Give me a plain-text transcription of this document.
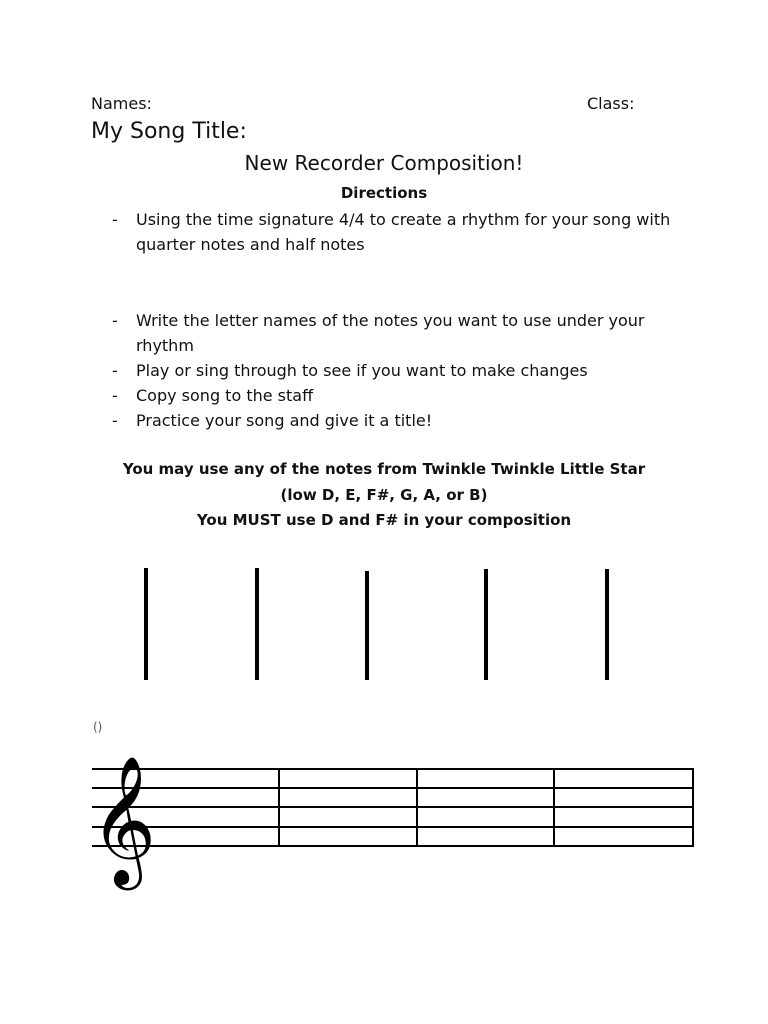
Names:	Class:
My Song Title:
New Recorder Composition!
Directions
- Using the time signature 4/4 to create a rhythm for your song with quarter notes and half notes
- Write the letter names of the notes you want to use under your rhythm
- Play or sing through to see if you want to make changes
- Copy song to the staff
- Practice your song and give it a title!
You may use any of the notes from Twinkle Twinkle Little Star
(low D, E, F#, G, A, or B)
You MUST use D and F# in your composition
()
𝄞
